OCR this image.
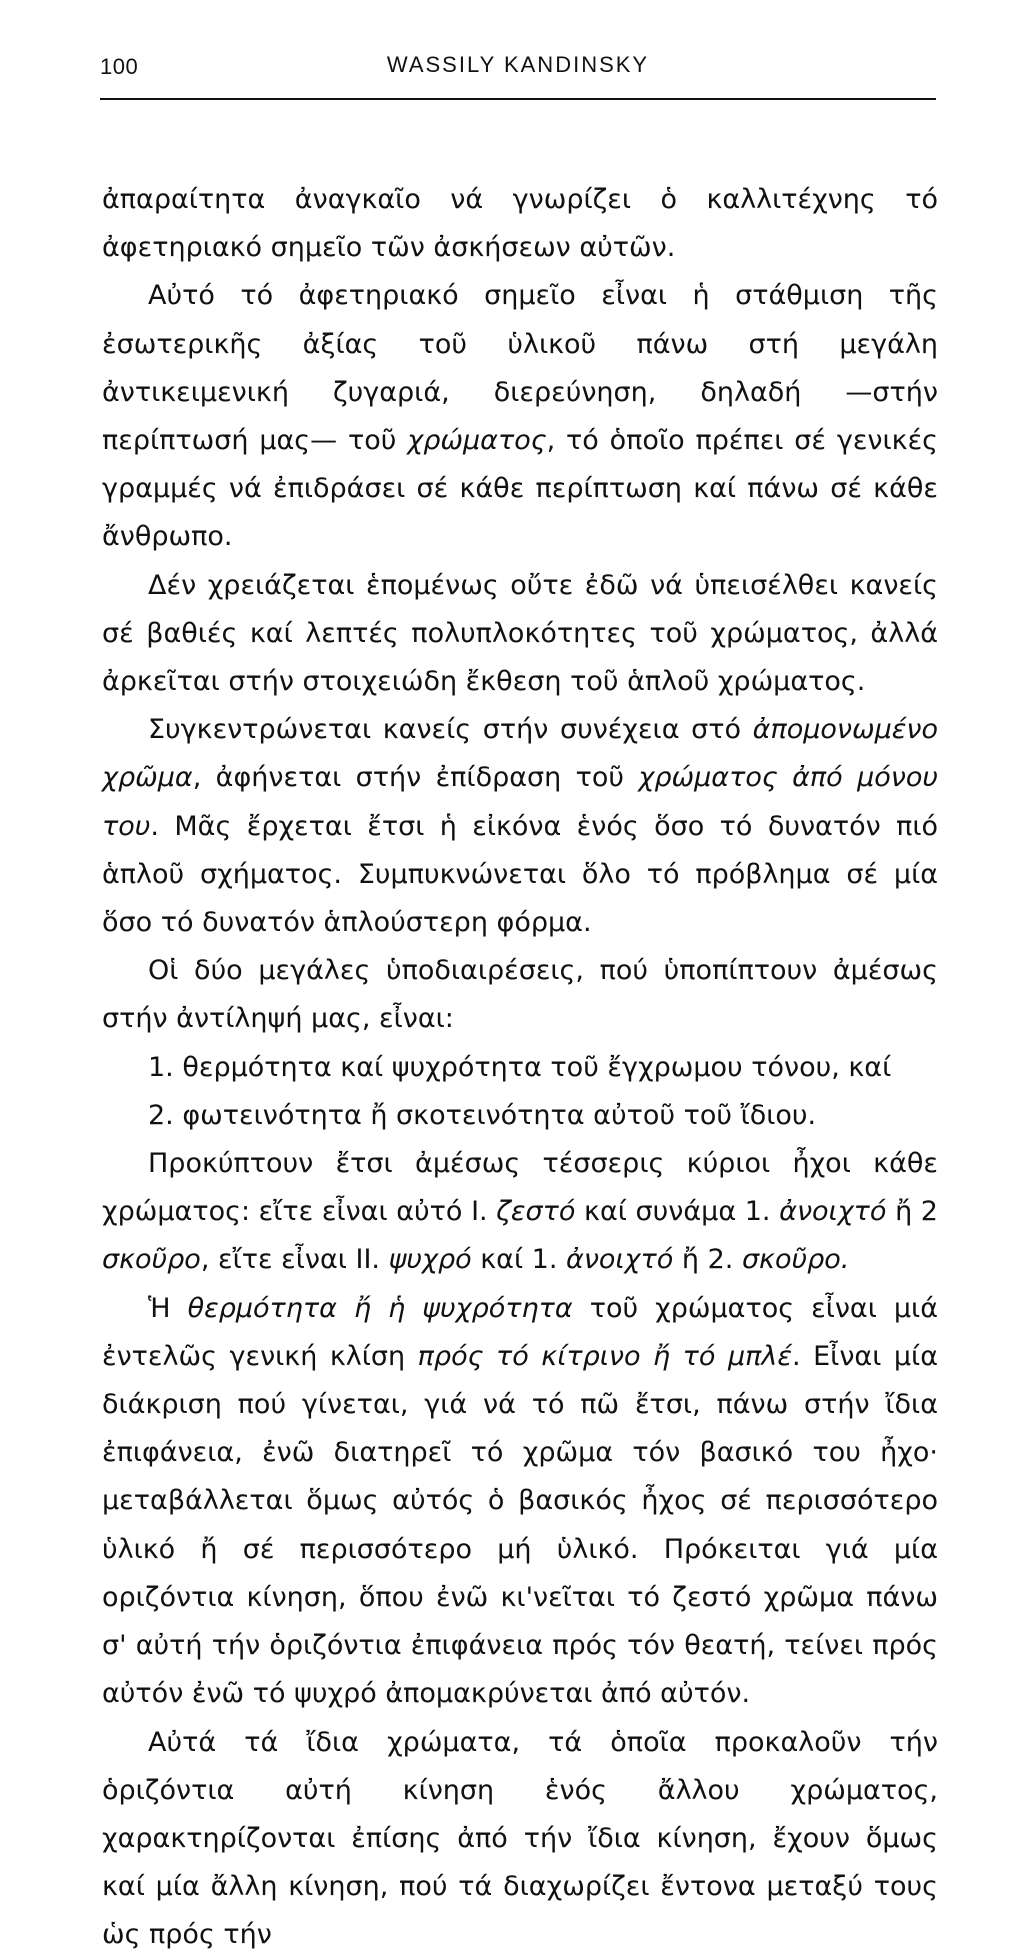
100	WASSILY KANDINSKY

ἀπαραίτητα ἀναγκαῖο νά γνωρίζει ὁ καλλιτέχνης τό ἀφετηριακό σημεῖο τῶν ἀσκήσεων αὐτῶν.

Αὐτό τό ἀφετηριακό σημεῖο εἶναι ἡ στάθμιση τῆς ἐσωτερικῆς ἀξίας τοῦ ὑλικοῦ πάνω στή μεγάλη ἀντικειμενική ζυγαριά, διερεύνηση, δηλαδή —στήν περίπτωσή μας— τοῦ χρώματος, τό ὁποῖο πρέπει σέ γενικές γραμμές νά ἐπιδράσει σέ κάθε περίπτωση καί πάνω σέ κάθε ἄνθρωπο.

Δέν χρειάζεται ἑπομένως οὔτε ἐδῶ νά ὑπεισέλθει κανείς σέ βαθιές καί λεπτές πολυπλοκότητες τοῦ χρώματος, ἀλλά ἀρκεῖται στήν στοιχειώδη ἔκθεση τοῦ ἁπλοῦ χρώματος.

Συγκεντρώνεται κανείς στήν συνέχεια στό ἀπομονωμένο χρῶμα, ἀφήνεται στήν ἐπίδραση τοῦ χρώματος ἀπό μόνου του. Μᾶς ἔρχεται ἔτσι ἡ εἰκόνα ἑνός ὅσο τό δυνατόν πιό ἁπλοῦ σχήματος. Συμπυκνώνεται ὅλο τό πρόβλημα σέ μία ὅσο τό δυνατόν ἁπλούστερη φόρμα.

Οἱ δύο μεγάλες ὑποδιαιρέσεις, πού ὑποπίπτουν ἀμέσως στήν ἀντίληψή μας, εἶναι:

1. θερμότητα καί ψυχρότητα τοῦ ἔγχρωμου τόνου, καί

2. φωτεινότητα ἤ σκοτεινότητα αὐτοῦ τοῦ ἴδιου.

Προκύπτουν ἔτσι ἀμέσως τέσσερις κύριοι ἦχοι κάθε χρώματος: εἴτε εἶναι αὐτό I. ζεστό καί συνάμα 1. ἀνοιχτό ἤ 2 σκοῦρο, εἴτε εἶναι II. ψυχρό καί 1. ἀνοιχτό ἤ 2. σκοῦρο.

Ἡ θερμότητα ἤ ἡ ψυχρότητα τοῦ χρώματος εἶναι μιά ἐντελῶς γενική κλίση πρός τό κίτρινο ἤ τό μπλέ. Εἶναι μία διάκριση πού γίνεται, γιά νά τό πῶ ἔτσι, πάνω στήν ἴδια ἐπιφάνεια, ἐνῶ διατηρεῖ τό χρῶμα τόν βασικό του ἦχο· μεταβάλλεται ὅμως αὐτός ὁ βασικός ἦχος σέ περισσότερο ὑλικό ἤ σέ περισσότερο μή ὑλικό. Πρόκειται γιά μία οριζόντια κίνηση, ὅπου ἐνῶ κι'νεῖται τό ζεστό χρῶμα πάνω σ' αὐτή τήν ὁριζόντια ἐπιφάνεια πρός τόν θεατή, τείνει πρός αὐτόν ἐνῶ τό ψυχρό ἀπομακρύνεται ἀπό αὐτόν.

Αὐτά τά ἴδια χρώματα, τά ὁποῖα προκαλοῦν τήν ὁριζόντια αὐτή κίνηση ἑνός ἄλλου χρώματος, χαρακτηρίζονται ἐπίσης ἀπό τήν ἴδια κίνηση, ἔχουν ὅμως καί μία ἄλλη κίνηση, πού τά διαχωρίζει ἔντονα μεταξύ τους ὡς πρός τήν
